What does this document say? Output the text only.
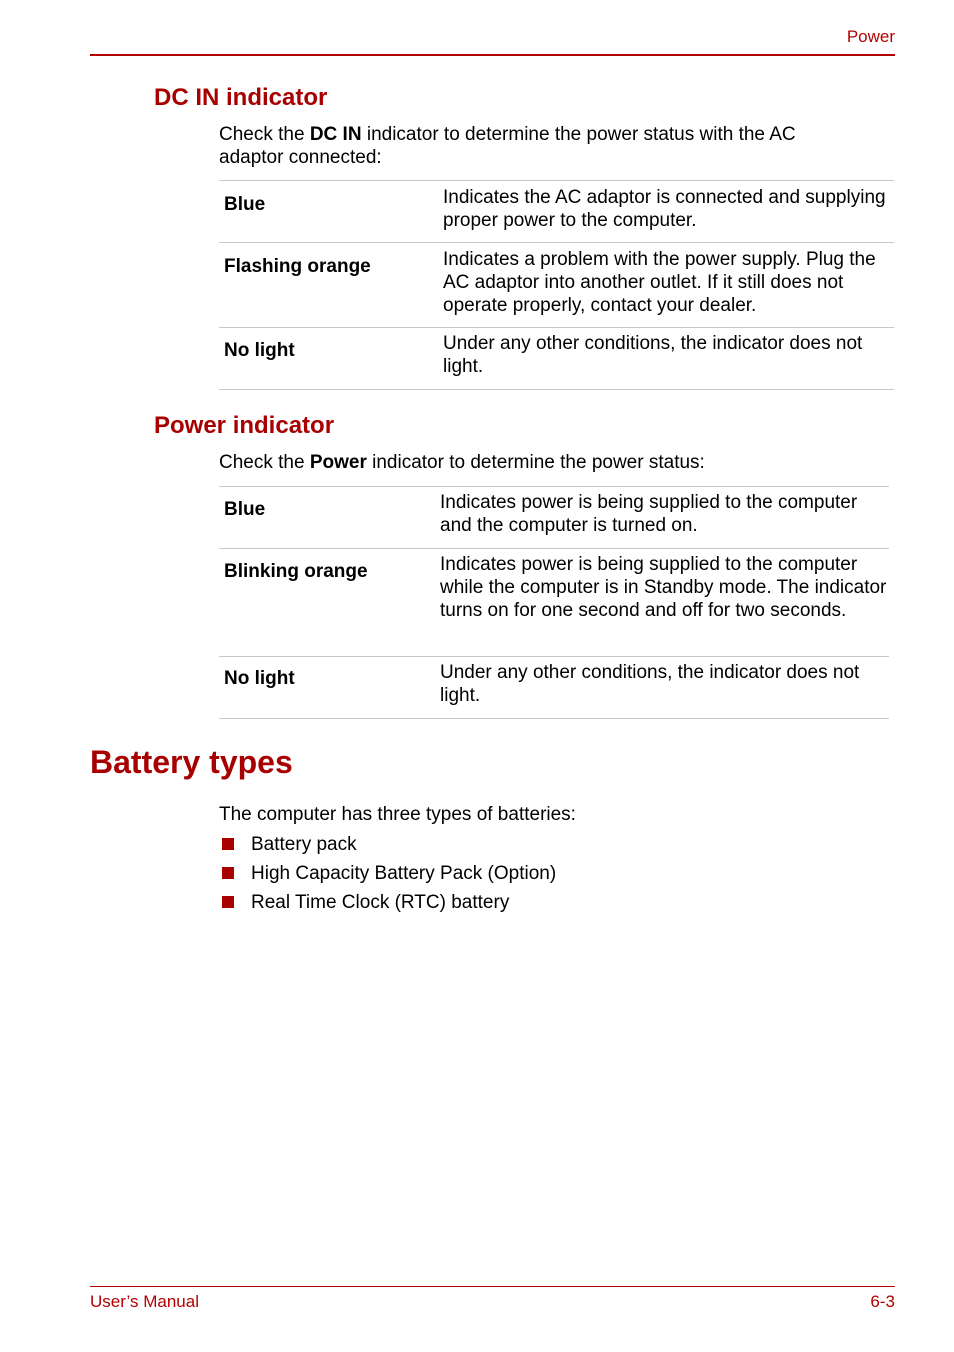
Power
DC IN indicator
Check the DC IN indicator to determine the power status with the AC adaptor connected:
Blue	Indicates the AC adaptor is connected and supplying proper power to the computer.
Flashing orange	Indicates a problem with the power supply. Plug the AC adaptor into another outlet. If it still does not operate properly, contact your dealer.
No light	Under any other conditions, the indicator does not light.
Power indicator
Check the Power indicator to determine the power status:
Blue	Indicates power is being supplied to the computer and the computer is turned on.
Blinking orange	Indicates power is being supplied to the computer while the computer is in Standby mode. The indicator turns on for one second and off for two seconds.
No light	Under any other conditions, the indicator does not light.
Battery types
The computer has three types of batteries:
Battery pack
High Capacity Battery Pack (Option)
Real Time Clock (RTC) battery
User’s Manual	6-3
